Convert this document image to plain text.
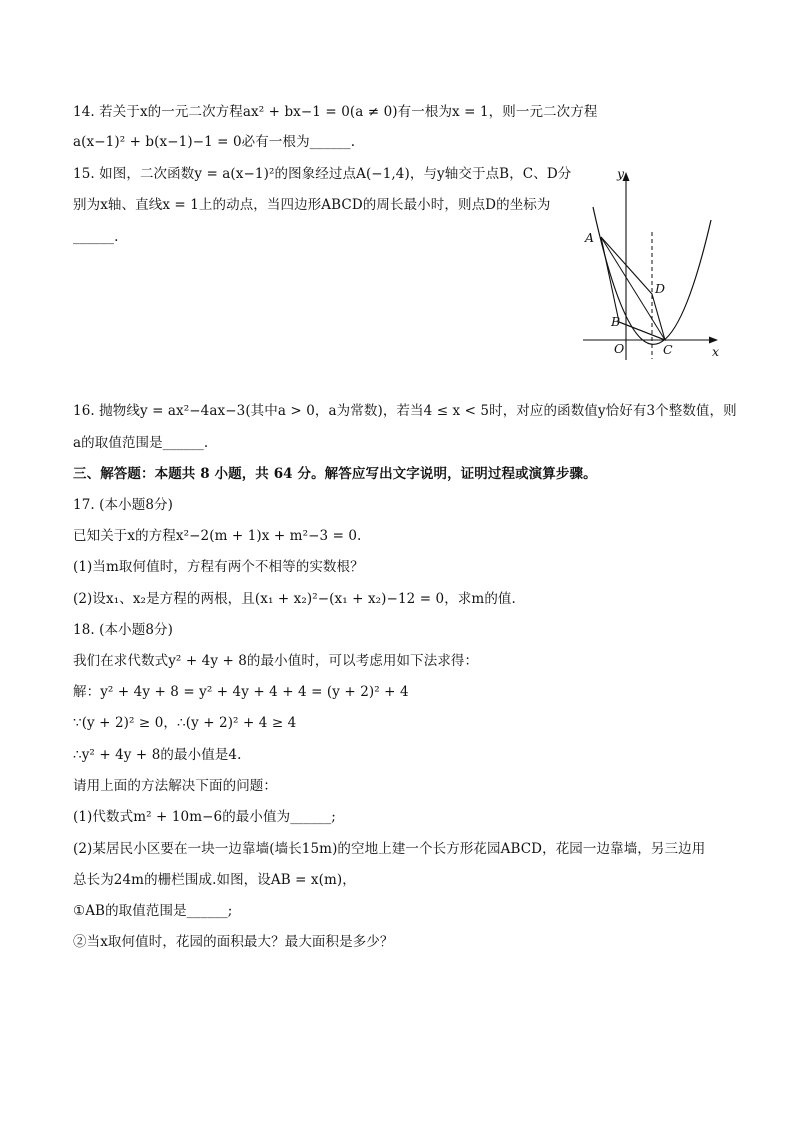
14. 若关于x的一元二次方程ax² + bx−1 = 0(a ≠ 0)有一根为x = 1，则一元二次方程
a(x−1)² + b(x−1)−1 = 0必有一根为______.
15. 如图，二次函数y = a(x−1)²的图象经过点A(−1,4)，与y轴交于点B，C、D分
别为x轴、直线x = 1上的动点，当四边形ABCD的周长最小时，则点D的坐标为
______.
y
x
O
A
B
C
D
16. 抛物线y = ax²−4ax−3(其中a > 0，a为常数)，若当4 ≤ x < 5时，对应的函数值y恰好有3个整数值，则
a的取值范围是______.
三、解答题：本题共 8 小题，共 64 分。解答应写出文字说明，证明过程或演算步骤。
17. (本小题8分)
已知关于x的方程x²−2(m + 1)x + m²−3 = 0.
(1)当m取何值时，方程有两个不相等的实数根？
(2)设x₁、x₂是方程的两根，且(x₁ + x₂)²−(x₁ + x₂)−12 = 0，求m的值.
18. (本小题8分)
我们在求代数式y² + 4y + 8的最小值时，可以考虑用如下法求得：
解：y² + 4y + 8 = y² + 4y + 4 + 4 = (y + 2)² + 4
∵(y + 2)² ≥ 0，∴(y + 2)² + 4 ≥ 4
∴y² + 4y + 8的最小值是4.
请用上面的方法解决下面的问题：
(1)代数式m² + 10m−6的最小值为______;
(2)某居民小区要在一块一边靠墙(墙长15m)的空地上建一个长方形花园ABCD，花园一边靠墙，另三边用
总长为24m的栅栏围成.如图，设AB = x(m)，
①AB的取值范围是______;
②当x取何值时，花园的面积最大？最大面积是多少？
